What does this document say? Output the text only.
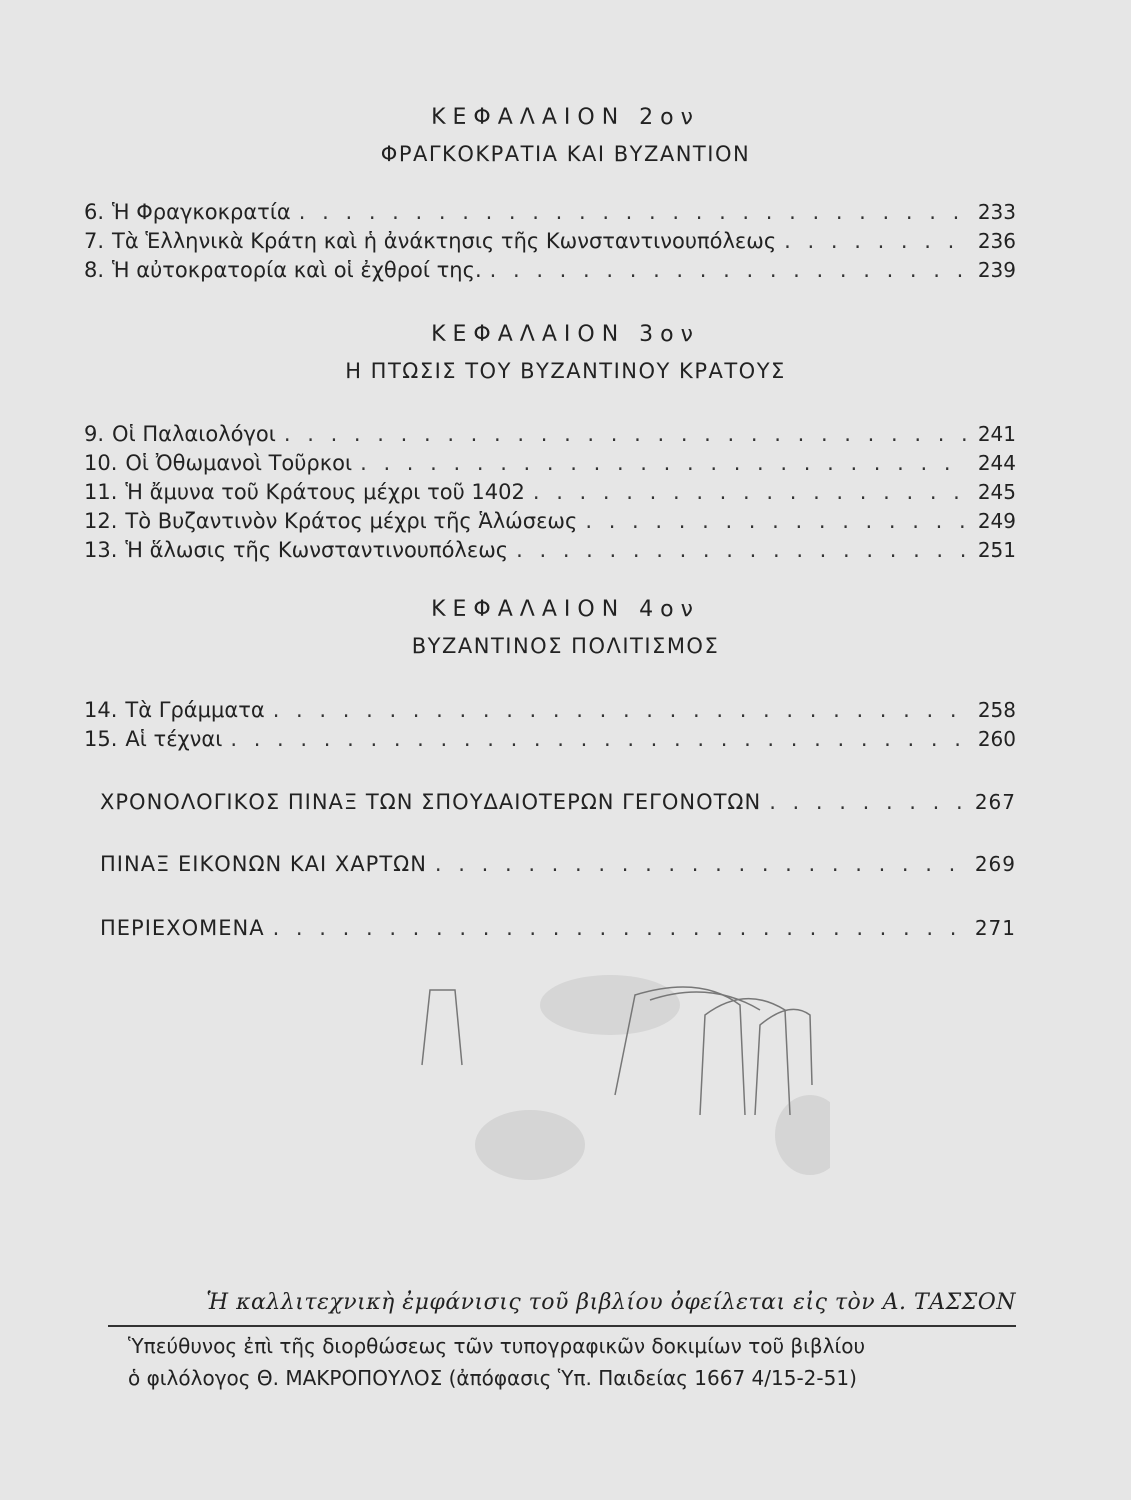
ΚΕΦΑΛΑΙΟΝ 2ον
ΦΡΑΓΚΟΚΡΑΤΙΑ ΚΑΙ ΒΥΖΑΝΤΙΟΝ
6. Ἡ Φραγκοκρατία . . .	233
7. Τὰ Ἑλληνικὰ Κράτη καὶ ἡ ἀνάκτησις τῆς Κωνσταντινουπόλεως . . .	236
8. Ἡ αὐτοκρατορία καὶ οἱ ἐχθροί της. . . .	239
ΚΕΦΑΛΑΙΟΝ 3ον
Η ΠΤΩΣΙΣ ΤΟΥ ΒΥΖΑΝΤΙΝΟΥ ΚΡΑΤΟΥΣ
9. Οἱ Παλαιολόγοι . . .	241
10. Οἱ Ὀθωμανοὶ Τοῦρκοι . . .	244
11. Ἡ ἄμυνα τοῦ Κράτους μέχρι τοῦ 1402 . . .	245
12. Τὸ Βυζαντινὸν Κράτος μέχρι τῆς Ἁλώσεως . . .	249
13. Ἡ ἅλωσις τῆς Κωνσταντινουπόλεως . . .	251
ΚΕΦΑΛΑΙΟΝ 4ον
ΒΥΖΑΝΤΙΝΟΣ ΠΟΛΙΤΙΣΜΟΣ
14. Τὰ Γράμματα . . .	258
15. Αἱ τέχναι . . .	260
ΧΡΟΝΟΛΟΓΙΚΟΣ ΠΙΝΑΞ ΤΩΝ ΣΠΟΥΔΑΙΟΤΕΡΩΝ ΓΕΓΟΝΟΤΩΝ . . .	267
ΠΙΝΑΞ ΕΙΚΟΝΩΝ ΚΑΙ ΧΑΡΤΩΝ . . .	269
ΠΕΡΙΕΧΟΜΕΝΑ . . .	271
Ἡ καλλιτεχνικὴ ἐμφάνισις τοῦ βιβλίου ὀφείλεται εἰς τὸν Α. ΤΑΣΣΟΝ
Ὑπεύθυνος ἐπὶ τῆς διορθώσεως τῶν τυπογραφικῶν δοκιμίων τοῦ βιβλίου
ὁ φιλόλογος Θ. ΜΑΚΡΟΠΟΥΛΟΣ (ἀπόφασις Ὑπ. Παιδείας 1667 4/15-2-51)
